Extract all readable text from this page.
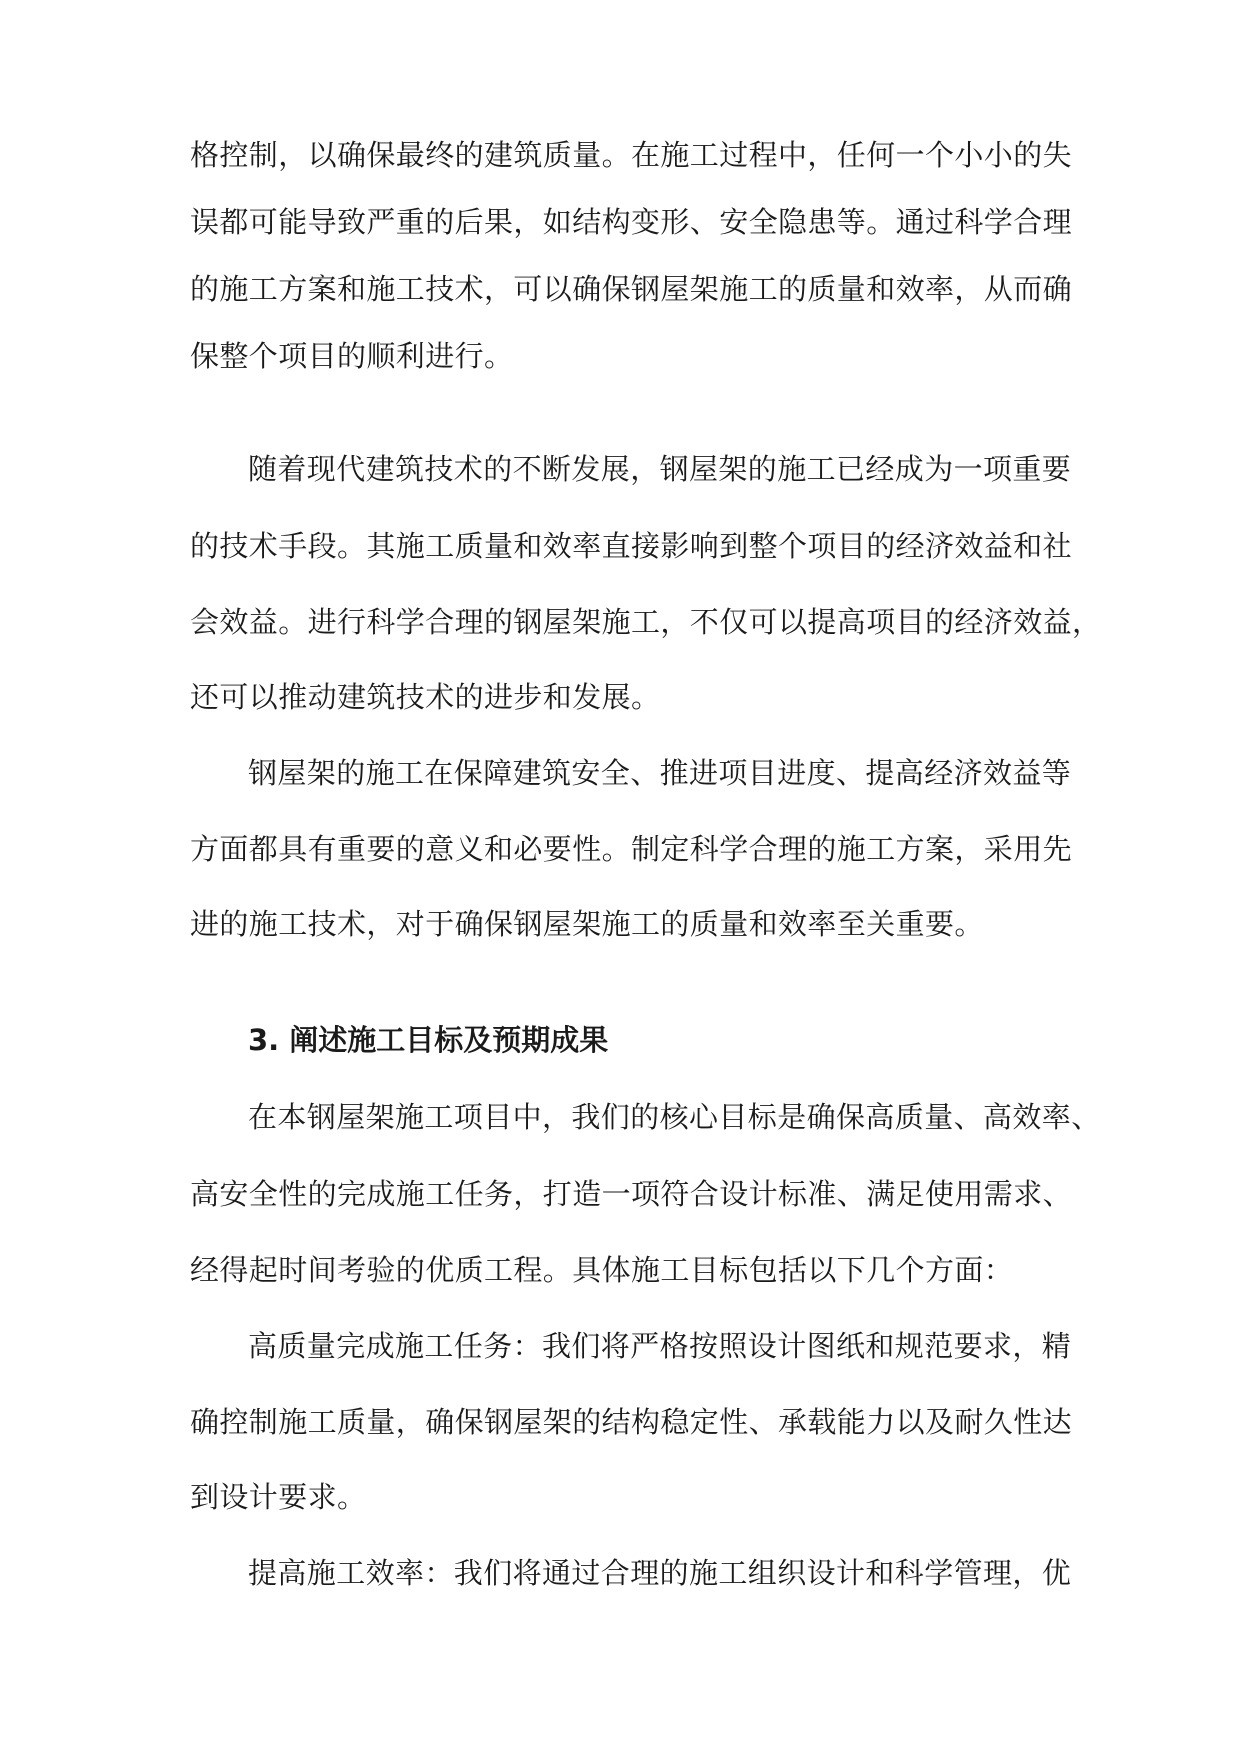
格控制，以确保最终的建筑质量。在施工过程中，任何一个小小的失
误都可能导致严重的后果，如结构变形、安全隐患等。通过科学合理
的施工方案和施工技术，可以确保钢屋架施工的质量和效率，从而确
保整个项目的顺利进行。
随着现代建筑技术的不断发展，钢屋架的施工已经成为一项重要
的技术手段。其施工质量和效率直接影响到整个项目的经济效益和社
会效益。进行科学合理的钢屋架施工，不仅可以提高项目的经济效益，
还可以推动建筑技术的进步和发展。
钢屋架的施工在保障建筑安全、推进项目进度、提高经济效益等
方面都具有重要的意义和必要性。制定科学合理的施工方案，采用先
进的施工技术，对于确保钢屋架施工的质量和效率至关重要。
3. 阐述施工目标及预期成果
在本钢屋架施工项目中，我们的核心目标是确保高质量、高效率、
高安全性的完成施工任务，打造一项符合设计标准、满足使用需求、
经得起时间考验的优质工程。具体施工目标包括以下几个方面：
高质量完成施工任务：我们将严格按照设计图纸和规范要求，精
确控制施工质量，确保钢屋架的结构稳定性、承载能力以及耐久性达
到设计要求。
提高施工效率：我们将通过合理的施工组织设计和科学管理，优
